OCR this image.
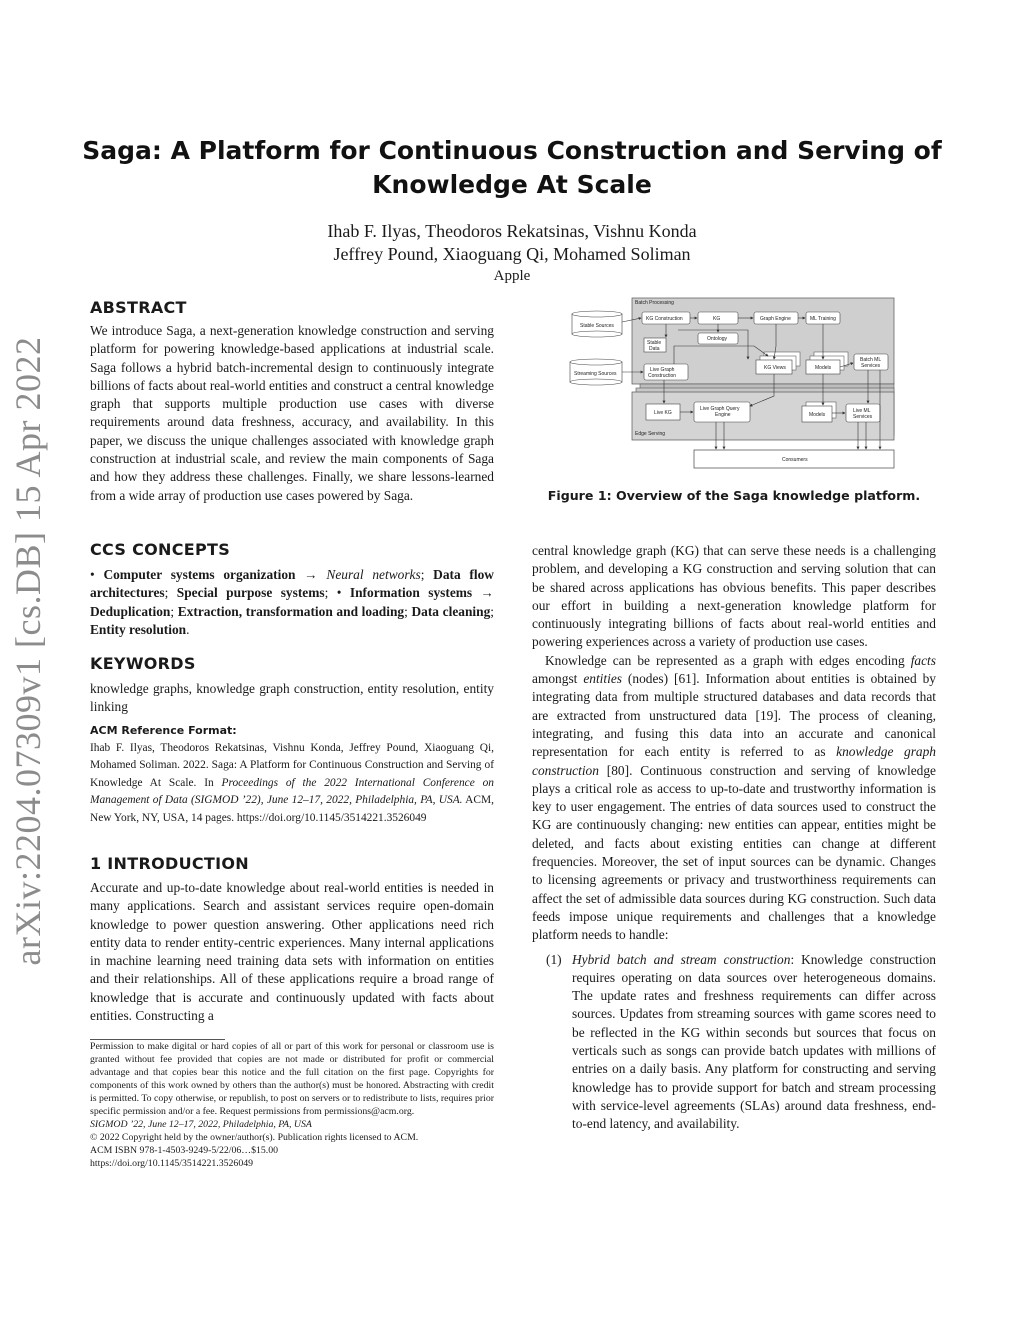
Saga: A Platform for Continuous Construction and Serving of Knowledge At Scale
Ihab F. Ilyas, Theodoros Rekatsinas, Vishnu Konda
Jeffrey Pound, Xiaoguang Qi, Mohamed Soliman
Apple
arXiv:2204.07309v1 [cs.DB] 15 Apr 2022
ABSTRACT

We introduce Saga, a next-generation knowledge construction and serving platform for powering knowledge-based applications at industrial scale. Saga follows a hybrid batch-incremental design to continuously integrate billions of facts about real-world entities and construct a central knowledge graph that supports multiple production use cases with diverse requirements around data freshness, accuracy, and availability. In this paper, we discuss the unique challenges associated with knowledge graph construction at industrial scale, and review the main components of Saga and how they address these challenges. Finally, we share lessons-learned from a wide array of production use cases powered by Saga.

CCS CONCEPTS

• Computer systems organization → Neural networks; Data flow architectures; Special purpose systems; • Information systems → Deduplication; Extraction, transformation and loading; Data cleaning; Entity resolution.

KEYWORDS

knowledge graphs, knowledge graph construction, entity resolution, entity linking

ACM Reference Format:

Ihab F. Ilyas, Theodoros Rekatsinas, Vishnu Konda, Jeffrey Pound, Xiaoguang Qi, Mohamed Soliman. 2022. Saga: A Platform for Continuous Construction and Serving of Knowledge At Scale. In Proceedings of the 2022 International Conference on Management of Data (SIGMOD ’22), June 12–17, 2022, Philadelphia, PA, USA. ACM, New York, NY, USA, 14 pages. https://doi.org/10.1145/3514221.3526049

1 INTRODUCTION

Accurate and up-to-date knowledge about real-world entities is needed in many applications. Search and assistant services require open-domain knowledge to power question answering. Other applications need rich entity data to render entity-centric experiences. Many internal applications in machine learning need training data sets with information on entities and their relationships. All of these applications require a broad range of knowledge that is accurate and continuously updated with facts about entities. Constructing a

Permission to make digital or hard copies of all or part of this work for personal or classroom use is granted without fee provided that copies are not made or distributed for profit or commercial advantage and that copies bear this notice and the full citation on the first page. Copyrights for components of this work owned by others than the author(s) must be honored. Abstracting with credit is permitted. To copy otherwise, or republish, to post on servers or to redistribute to lists, requires prior specific permission and/or a fee. Request permissions from permissions@acm.org.

SIGMOD ’22, June 12–17, 2022, Philadelphia, PA, USA

© 2022 Copyright held by the owner/author(s). Publication rights licensed to ACM.

ACM ISBN 978-1-4503-9249-5/22/06…$15.00

https://doi.org/10.1145/3514221.3526049

Batch Processing
Edge Serving
Stable Sources
Streaming Sources
KG Construction	KG	Graph Engine	ML Training
Stable
Data
Ontology
KG Views	Models
Batch ML
Services
Live Graph
Construction
Live KG
Live Graph Query
Engine	Models
Live ML
Services
Consumers
Figure 1: Overview of the Saga knowledge platform.

central knowledge graph (KG) that can serve these needs is a challenging problem, and developing a KG construction and serving solution that can be shared across applications has obvious benefits. This paper describes our effort in building a next-generation knowledge platform for continuously integrating billions of facts about real-world entities and powering experiences across a variety of production use cases.

Knowledge can be represented as a graph with edges encoding facts amongst entities (nodes) [61]. Information about entities is obtained by integrating data from multiple structured databases and data records that are extracted from unstructured data [19]. The process of cleaning, integrating, and fusing this data into an accurate and canonical representation for each entity is referred to as knowledge graph construction [80]. Continuous construction and serving of knowledge plays a critical role as access to up-to-date and trustworthy information is key to user engagement. The entries of data sources used to construct the KG are continuously changing: new entities can appear, entities might be deleted, and facts about existing entities can change at different frequencies. Moreover, the set of input sources can be dynamic. Changes to licensing agreements or privacy and trustworthiness requirements can affect the set of admissible data sources during KG construction. Such data feeds impose unique requirements and challenges that a knowledge platform needs to handle:

(1) Hybrid batch and stream construction: Knowledge construction requires operating on data sources over heterogeneous domains. The update rates and freshness requirements can differ across sources. Updates from streaming sources with game scores need to be reflected in the KG within seconds but sources that focus on verticals such as songs can provide batch updates with millions of entries on a daily basis. Any platform for constructing and serving knowledge has to provide support for batch and stream processing with service-level agreements (SLAs) around data freshness, end-to-end latency, and availability.
